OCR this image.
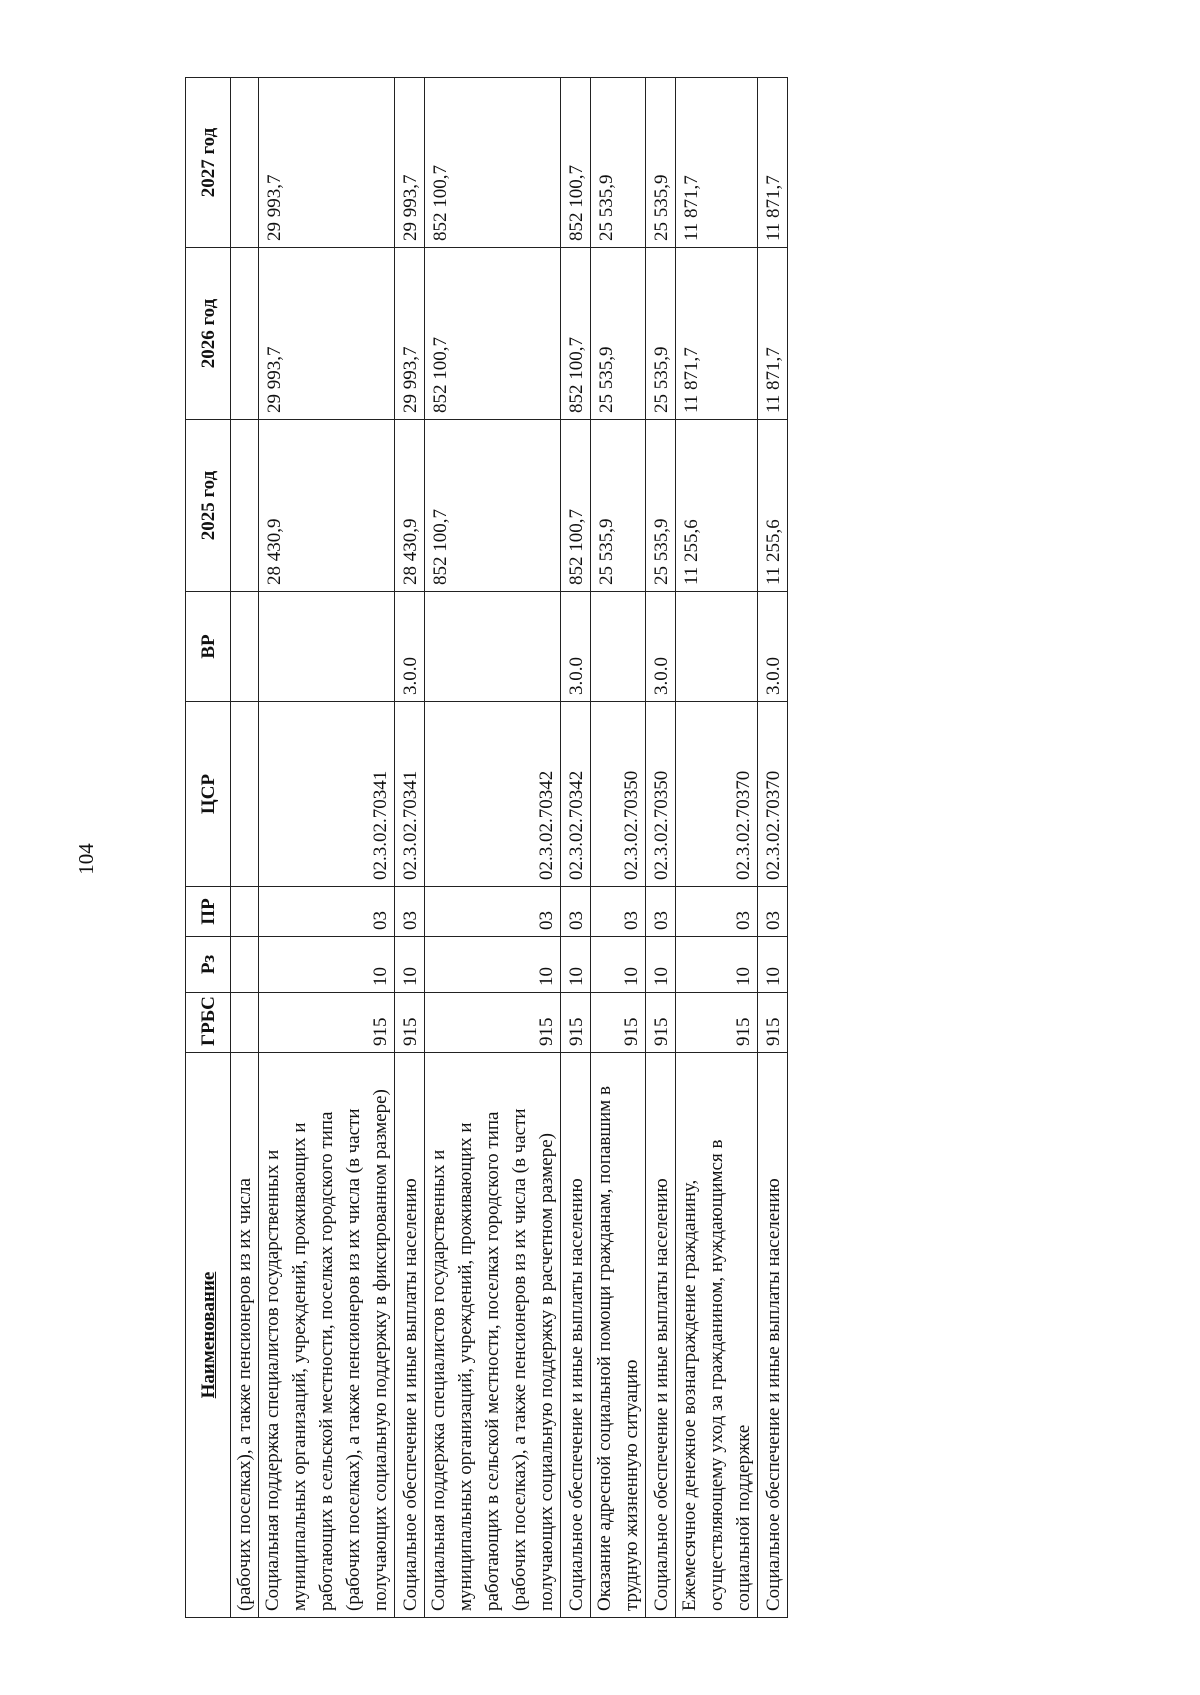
104
Наименование	ГРБС	Рз	ПР	ЦСР	ВР	2025 год	2026 год	2027 год
(рабочих поселках), а также пенсионеров из их числа								
Социальная поддержка специалистов государственных и муниципальных организаций, учреждений, проживающих и работающих в сельской местности, поселках городского типа (рабочих поселках), а также пенсионеров из их числа (в части получающих социальную поддержку в фиксированном размере)	915	10	03	02.3.02.70341		28 430,9	29 993,7	29 993,7
Социальное обеспечение и иные выплаты населению	915	10	03	02.3.02.70341	3.0.0	28 430,9	29 993,7	29 993,7
Социальная поддержка специалистов государственных и муниципальных организаций, учреждений, проживающих и работающих в сельской местности, поселках городского типа (рабочих поселках), а также пенсионеров из их числа (в части получающих социальную поддержку в расчетном размере)	915	10	03	02.3.02.70342		852 100,7	852 100,7	852 100,7
Социальное обеспечение и иные выплаты населению	915	10	03	02.3.02.70342	3.0.0	852 100,7	852 100,7	852 100,7
Оказание адресной социальной помощи гражданам, попавшим в трудную жизненную ситуацию	915	10	03	02.3.02.70350		25 535,9	25 535,9	25 535,9
Социальное обеспечение и иные выплаты населению	915	10	03	02.3.02.70350	3.0.0	25 535,9	25 535,9	25 535,9
Ежемесячное денежное вознаграждение гражданину, осуществляющему уход за гражданином, нуждающимся в социальной поддержке	915	10	03	02.3.02.70370		11 255,6	11 871,7	11 871,7
Социальное обеспечение и иные выплаты населению	915	10	03	02.3.02.70370	3.0.0	11 255,6	11 871,7	11 871,7
